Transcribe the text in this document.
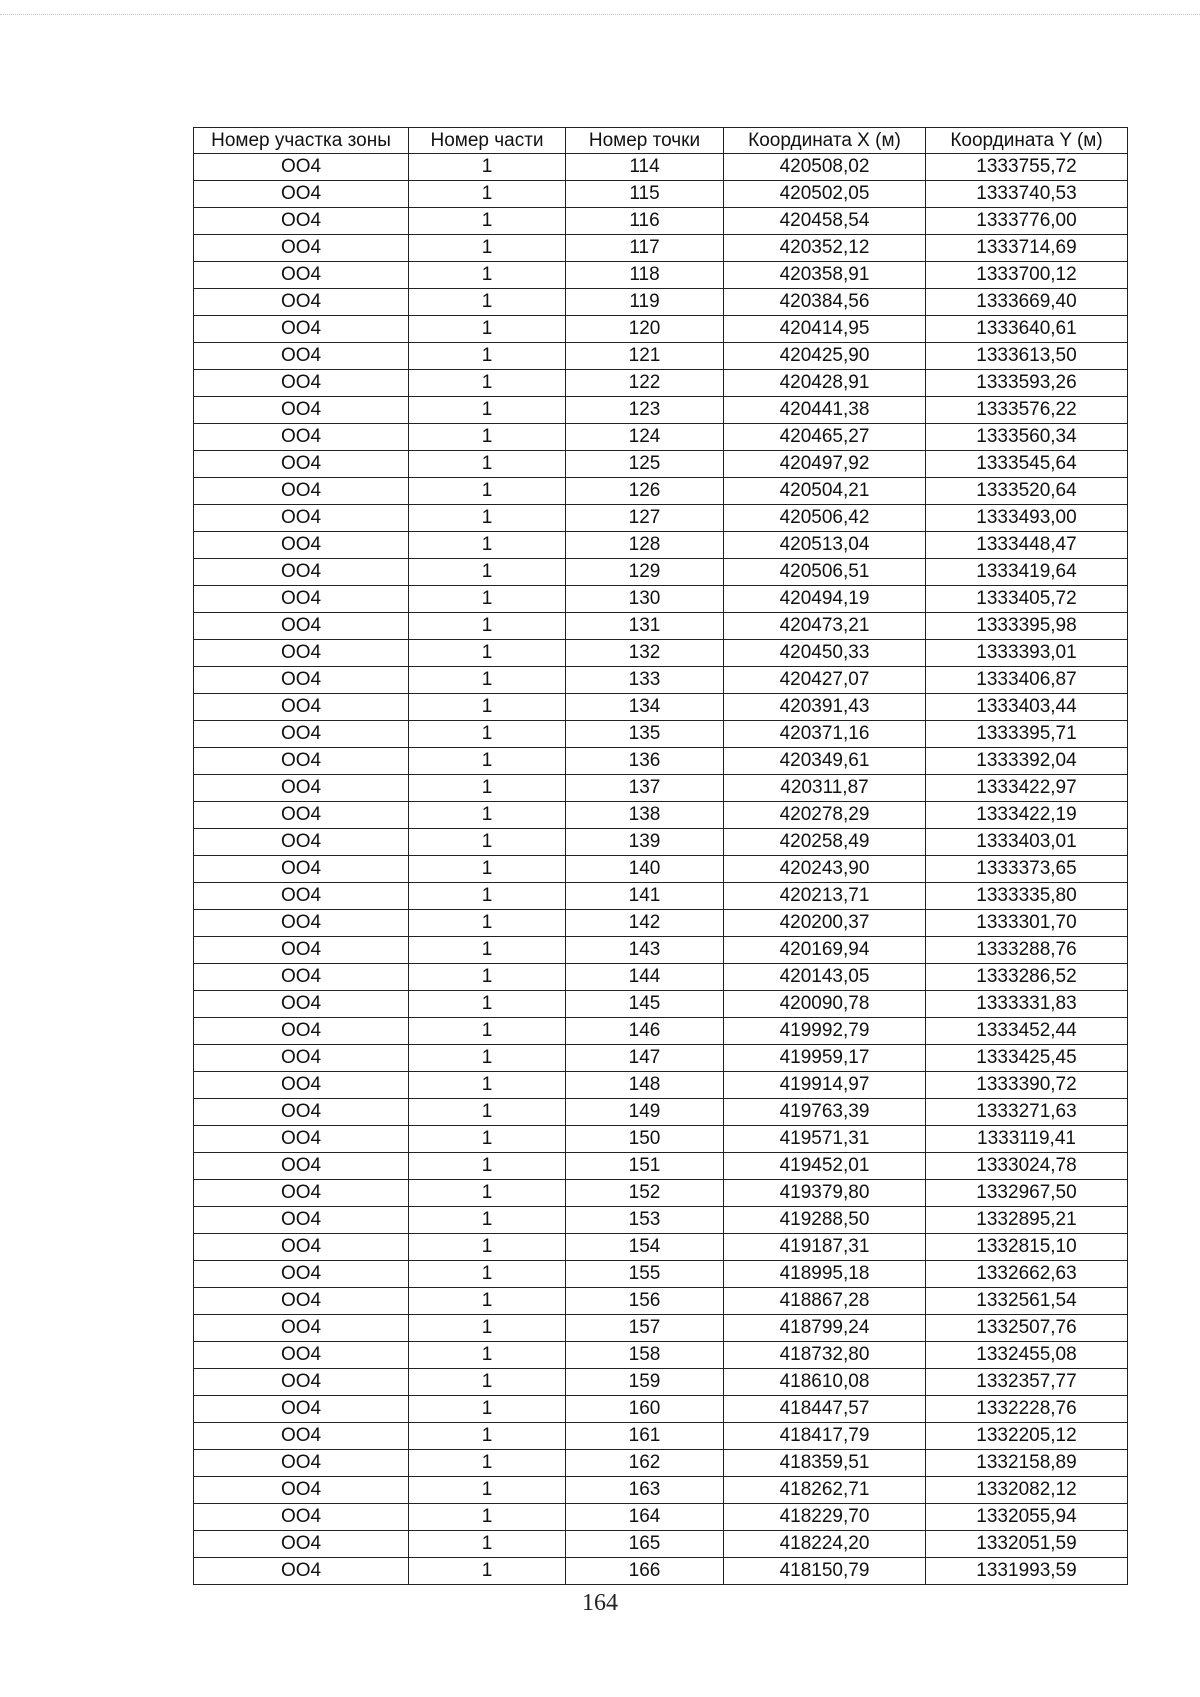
Номер участка зоны	Номер части	Номер точки	Координата X (м)	Координата Y (м)
ОО4	1	114	420508,02	1333755,72
ОО4	1	115	420502,05	1333740,53
ОО4	1	116	420458,54	1333776,00
ОО4	1	117	420352,12	1333714,69
ОО4	1	118	420358,91	1333700,12
ОО4	1	119	420384,56	1333669,40
ОО4	1	120	420414,95	1333640,61
ОО4	1	121	420425,90	1333613,50
ОО4	1	122	420428,91	1333593,26
ОО4	1	123	420441,38	1333576,22
ОО4	1	124	420465,27	1333560,34
ОО4	1	125	420497,92	1333545,64
ОО4	1	126	420504,21	1333520,64
ОО4	1	127	420506,42	1333493,00
ОО4	1	128	420513,04	1333448,47
ОО4	1	129	420506,51	1333419,64
ОО4	1	130	420494,19	1333405,72
ОО4	1	131	420473,21	1333395,98
ОО4	1	132	420450,33	1333393,01
ОО4	1	133	420427,07	1333406,87
ОО4	1	134	420391,43	1333403,44
ОО4	1	135	420371,16	1333395,71
ОО4	1	136	420349,61	1333392,04
ОО4	1	137	420311,87	1333422,97
ОО4	1	138	420278,29	1333422,19
ОО4	1	139	420258,49	1333403,01
ОО4	1	140	420243,90	1333373,65
ОО4	1	141	420213,71	1333335,80
ОО4	1	142	420200,37	1333301,70
ОО4	1	143	420169,94	1333288,76
ОО4	1	144	420143,05	1333286,52
ОО4	1	145	420090,78	1333331,83
ОО4	1	146	419992,79	1333452,44
ОО4	1	147	419959,17	1333425,45
ОО4	1	148	419914,97	1333390,72
ОО4	1	149	419763,39	1333271,63
ОО4	1	150	419571,31	1333119,41
ОО4	1	151	419452,01	1333024,78
ОО4	1	152	419379,80	1332967,50
ОО4	1	153	419288,50	1332895,21
ОО4	1	154	419187,31	1332815,10
ОО4	1	155	418995,18	1332662,63
ОО4	1	156	418867,28	1332561,54
ОО4	1	157	418799,24	1332507,76
ОО4	1	158	418732,80	1332455,08
ОО4	1	159	418610,08	1332357,77
ОО4	1	160	418447,57	1332228,76
ОО4	1	161	418417,79	1332205,12
ОО4	1	162	418359,51	1332158,89
ОО4	1	163	418262,71	1332082,12
ОО4	1	164	418229,70	1332055,94
ОО4	1	165	418224,20	1332051,59
ОО4	1	166	418150,79	1331993,59
164
